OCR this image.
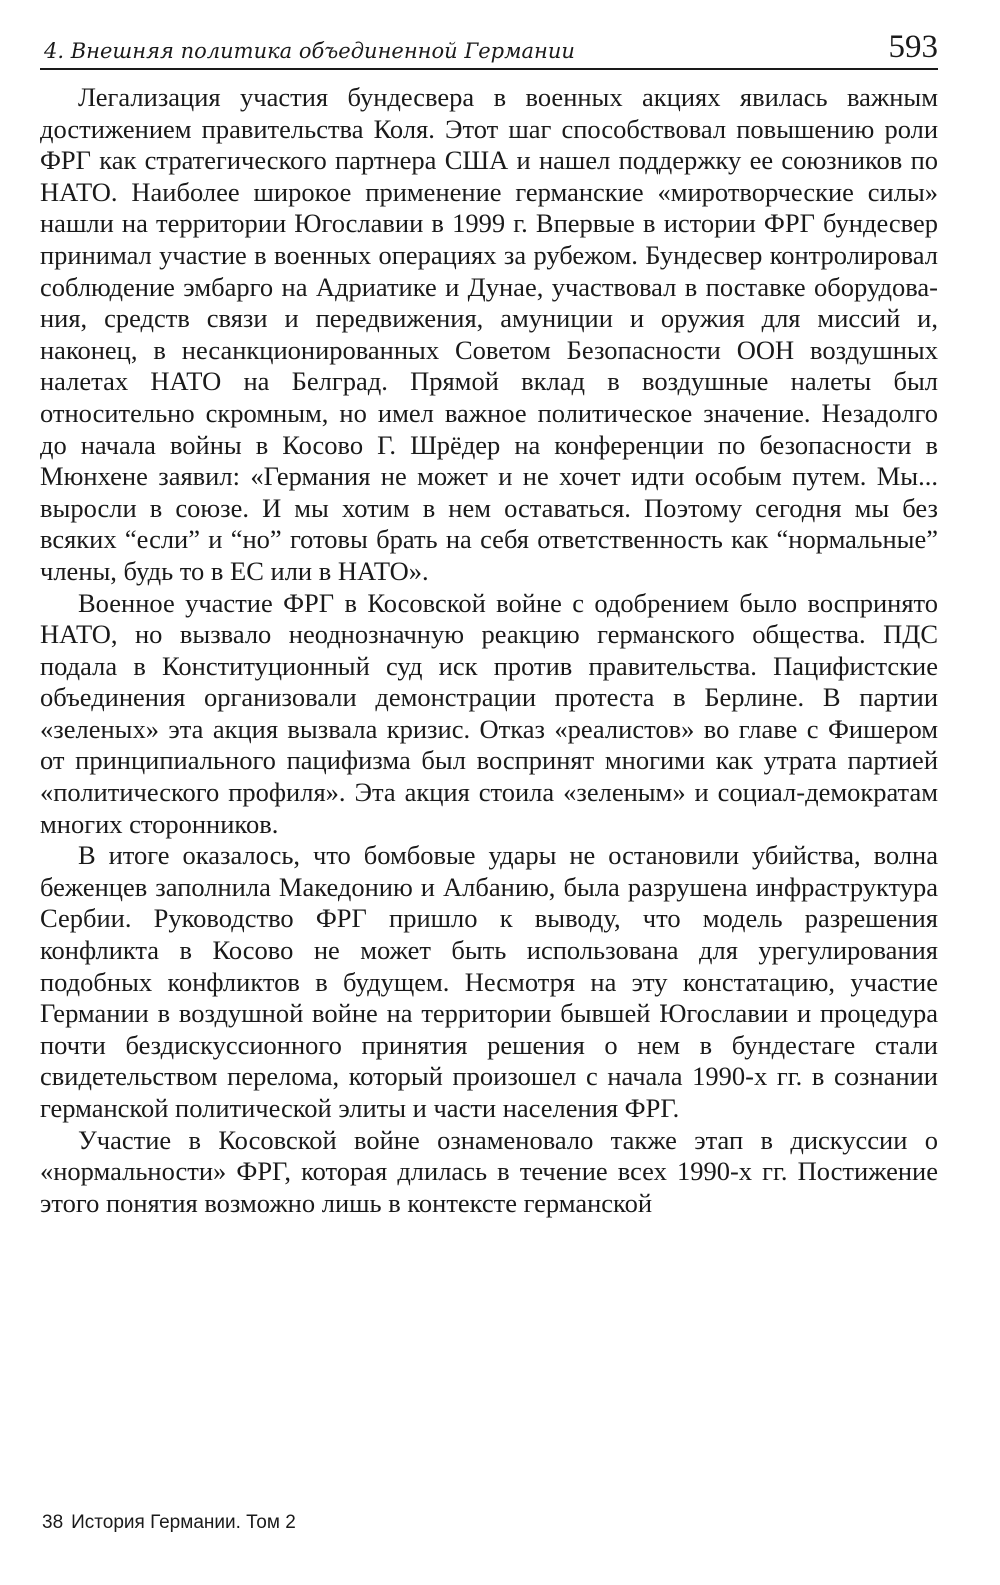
4. Внешняя политика объединенной Германии	593

Легализация участия бундесвера в военных акциях явилась важным достижением правительства Коля. Этот шаг способствовал повышению роли ФРГ как стратегического партнера США и нашел поддержку ее союзников по НАТО. Наиболее широкое применение германские «миротворческие силы» нашли на территории Югославии в 1999 г. Впервые в истории ФРГ бундесвер принимал участие в военных операциях за рубежом. Бундесвер контролировал соблюдение эмбарго на Адриатике и Дунае, участвовал в поставке оборудования, средств связи и передвижения, амуниции и оружия для миссий и, наконец, в несанкционированных Советом Безопасности ООН воздушных налетах НАТО на Белград. Прямой вклад в воздушные налеты был относительно скромным, но имел важное политическое значение. Незадолго до начала войны в Косово Г. Шрёдер на конференции по безопасности в Мюнхене заявил: «Германия не может и не хочет идти особым путем. Мы... выросли в союзе. И мы хотим в нем оставаться. Поэтому сегодня мы без всяких “если” и “но” готовы брать на себя ответственность как “нормальные” члены, будь то в ЕС или в НАТО».

Военное участие ФРГ в Косовской войне с одобрением было воспринято НАТО, но вызвало неоднозначную реакцию германского общества. ПДС подала в Конституционный суд иск против правительства. Пацифистские объединения организовали демонстрации протеста в Берлине. В партии «зеленых» эта акция вызвала кризис. Отказ «реалистов» во главе с Фишером от принципиального пацифизма был воспринят многими как утрата партией «политического профиля». Эта акция стоила «зеленым» и социал-демократам многих сторонников.

В итоге оказалось, что бомбовые удары не остановили убийства, волна беженцев заполнила Македонию и Албанию, была разрушена инфраструктура Сербии. Руководство ФРГ пришло к выводу, что модель разрешения конфликта в Косово не может быть использована для урегулирования подобных конфликтов в будущем. Несмотря на эту констатацию, участие Германии в воздушной войне на территории бывшей Югославии и процедура почти бездискуссионного принятия решения о нем в бундестаге стали свидетельством перелома, который произошел с начала 1990-х гг. в сознании германской политической элиты и части населения ФРГ.

Участие в Косовской войне ознаменовало также этап в дискуссии о «нормальности» ФРГ, которая длилась в течение всех 1990-х гг. Постижение этого понятия возможно лишь в контексте германской

38 История Германии. Том 2
